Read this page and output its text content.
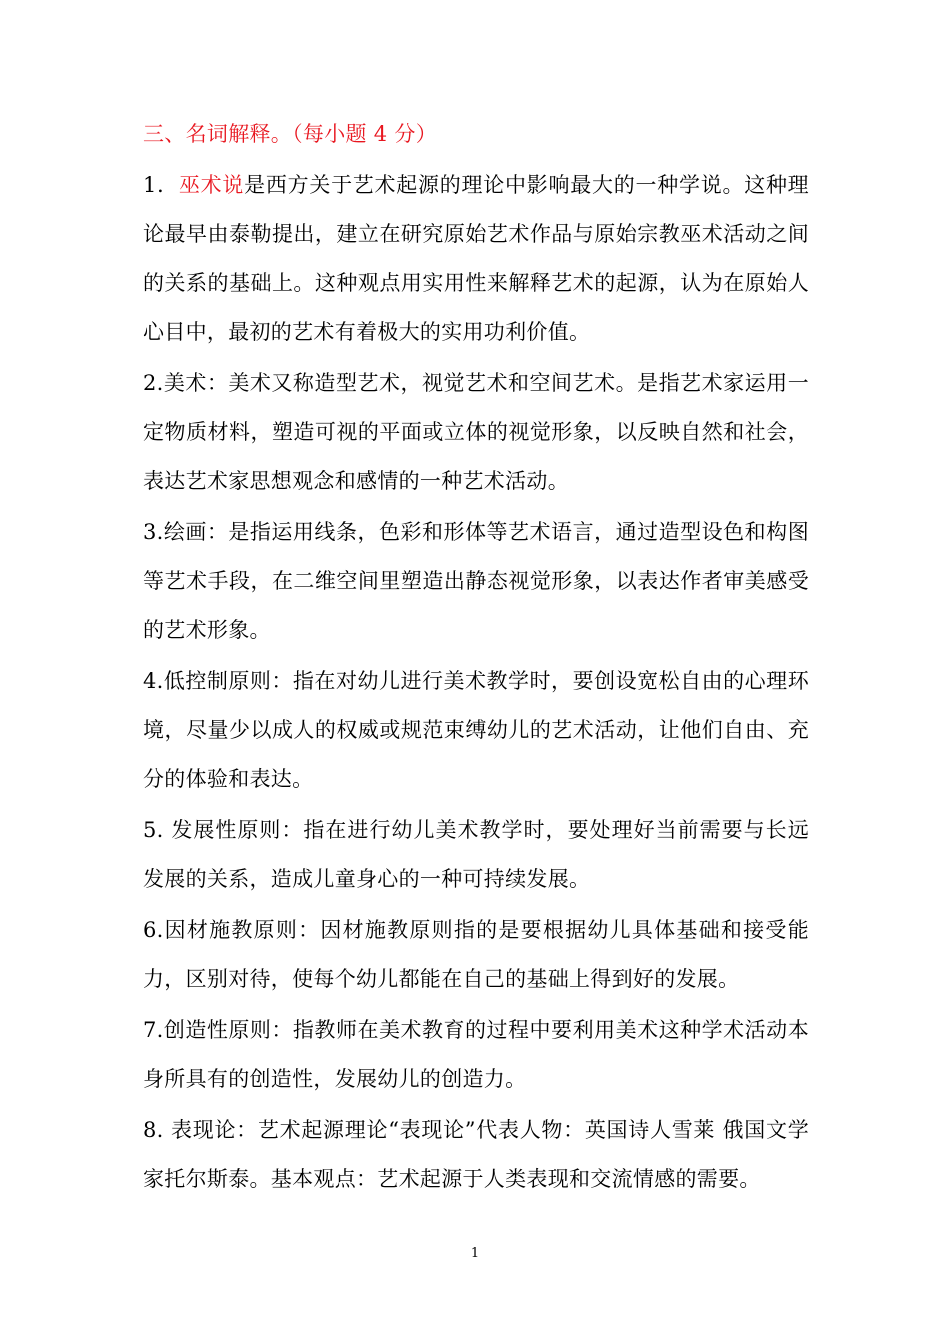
三、名词解释。（每小题 4 分）
1．巫术说是西方关于艺术起源的理论中影响最大的一种学说。这种理论最早由泰勒提出，建立在研究原始艺术作品与原始宗教巫术活动之间的关系的基础上。这种观点用实用性来解释艺术的起源，认为在原始人心目中，最初的艺术有着极大的实用功利价值。
2.美术：美术又称造型艺术，视觉艺术和空间艺术。是指艺术家运用一定物质材料，塑造可视的平面或立体的视觉形象，以反映自然和社会，表达艺术家思想观念和感情的一种艺术活动。
3.绘画：是指运用线条，色彩和形体等艺术语言，通过造型设色和构图等艺术手段，在二维空间里塑造出静态视觉形象，以表达作者审美感受的艺术形象。
4.低控制原则：指在对幼儿进行美术教学时，要创设宽松自由的心理环境，尽量少以成人的权威或规范束缚幼儿的艺术活动，让他们自由、充分的体验和表达。
5. 发展性原则：指在进行幼儿美术教学时，要处理好当前需要与长远发展的关系，造成儿童身心的一种可持续发展。
6.因材施教原则：因材施教原则指的是要根据幼儿具体基础和接受能力，区别对待，使每个幼儿都能在自己的基础上得到好的发展。
7.创造性原则：指教师在美术教育的过程中要利用美术这种学术活动本身所具有的创造性，发展幼儿的创造力。
8. 表现论：艺术起源理论“表现论”代表人物：英国诗人雪莱 俄国文学家托尔斯泰。基本观点：艺术起源于人类表现和交流情感的需要。
1
